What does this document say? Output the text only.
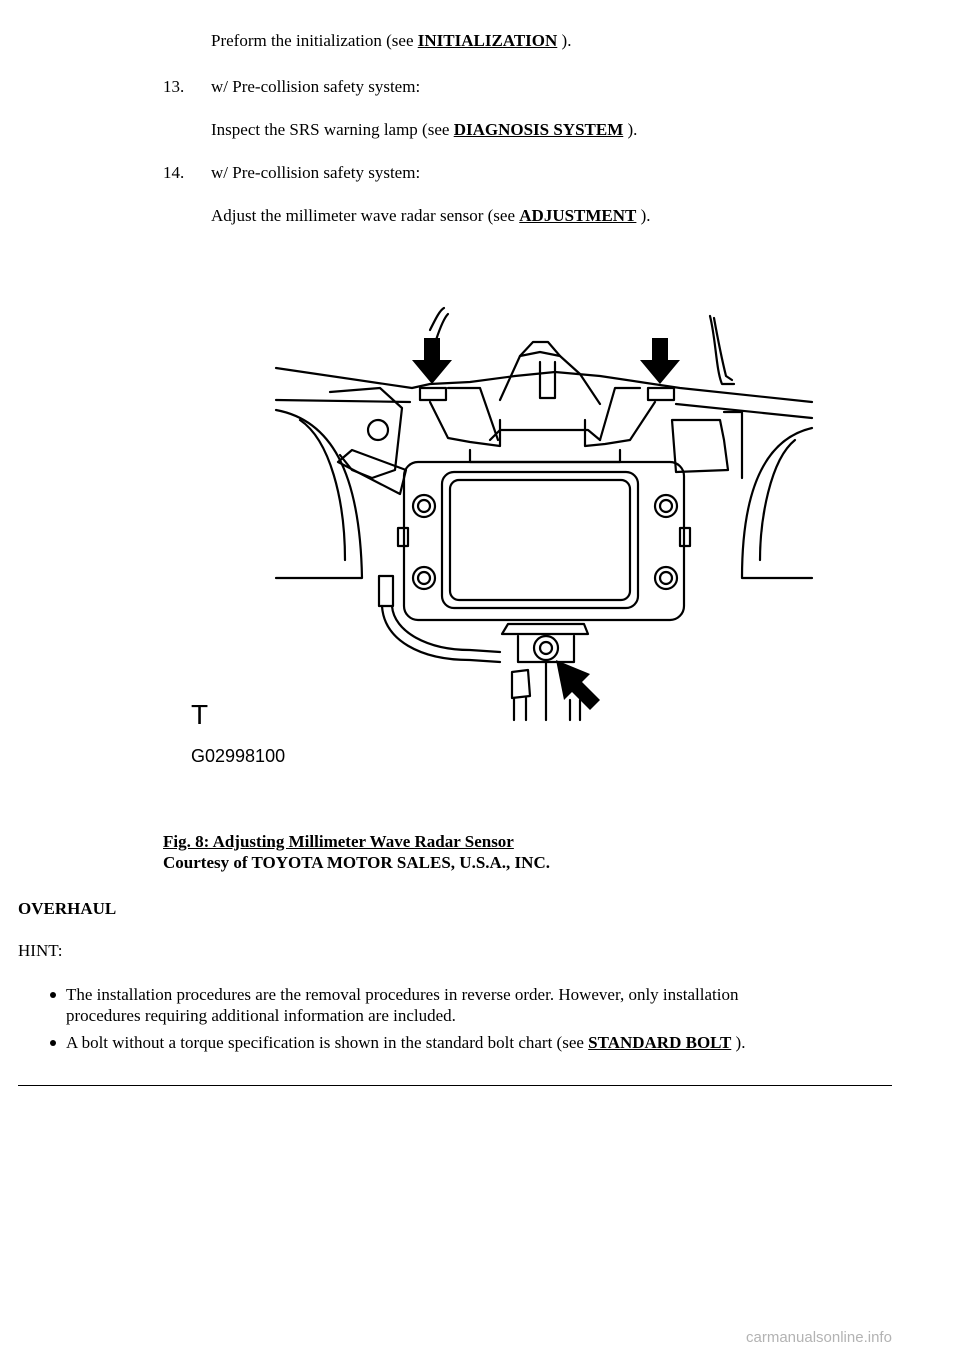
Preform the initialization (see INITIALIZATION ).
13. w/ Pre-collision safety system:
Inspect the SRS warning lamp (see DIAGNOSIS SYSTEM ).
14. w/ Pre-collision safety system:
Adjust the millimeter wave radar sensor (see ADJUSTMENT ).
T
G02998100
Fig. 8: Adjusting Millimeter Wave Radar Sensor
Courtesy of TOYOTA MOTOR SALES, U.S.A., INC.
OVERHAUL
HINT:
The installation procedures are the removal procedures in reverse order. However, only installation
procedures requiring additional information are included.
A bolt without a torque specification is shown in the standard bolt chart (see STANDARD BOLT ).
carmanualsonline.info
